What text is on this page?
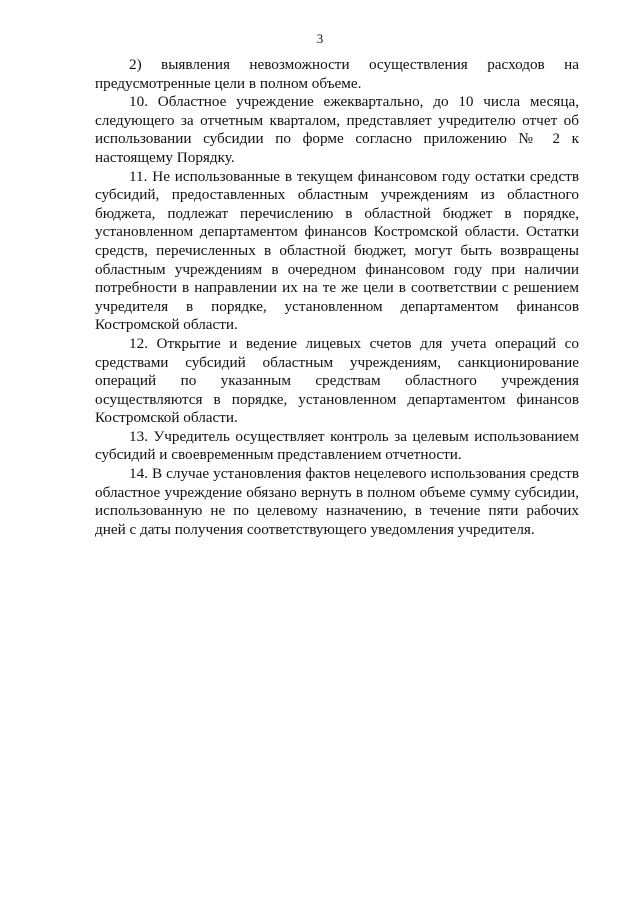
3

2) выявления невозможности осуществления расходов на предусмотренные цели в полном объеме.

10. Областное учреждение ежеквартально, до 10 числа месяца, следующего за отчетным кварталом, представляет учредителю отчет об использовании субсидии по форме согласно приложению № 2 к настоящему Порядку.

11. Не использованные в текущем финансовом году остатки средств субсидий, предоставленных областным учреждениям из областного бюджета, подлежат перечислению в областной бюджет в порядке, установленном департаментом финансов Костромской области. Остатки средств, перечисленных в областной бюджет, могут быть возвращены областным учреждениям в очередном финансовом году при наличии потребности в направлении их на те же цели в соответствии с решением учредителя в порядке, установленном департаментом финансов Костромской области.

12. Открытие и ведение лицевых счетов для учета операций со средствами субсидий областным учреждениям, санкционирование операций по указанным средствам областного учреждения осуществляются в порядке, установленном департаментом финансов Костромской области.

13. Учредитель осуществляет контроль за целевым использованием субсидий и своевременным представлением отчетности.

14. В случае установления фактов нецелевого использования средств областное учреждение обязано вернуть в полном объеме сумму субсидии, использованную не по целевому назначению, в течение пяти рабочих дней с даты получения соответствующего уведомления учредителя.
